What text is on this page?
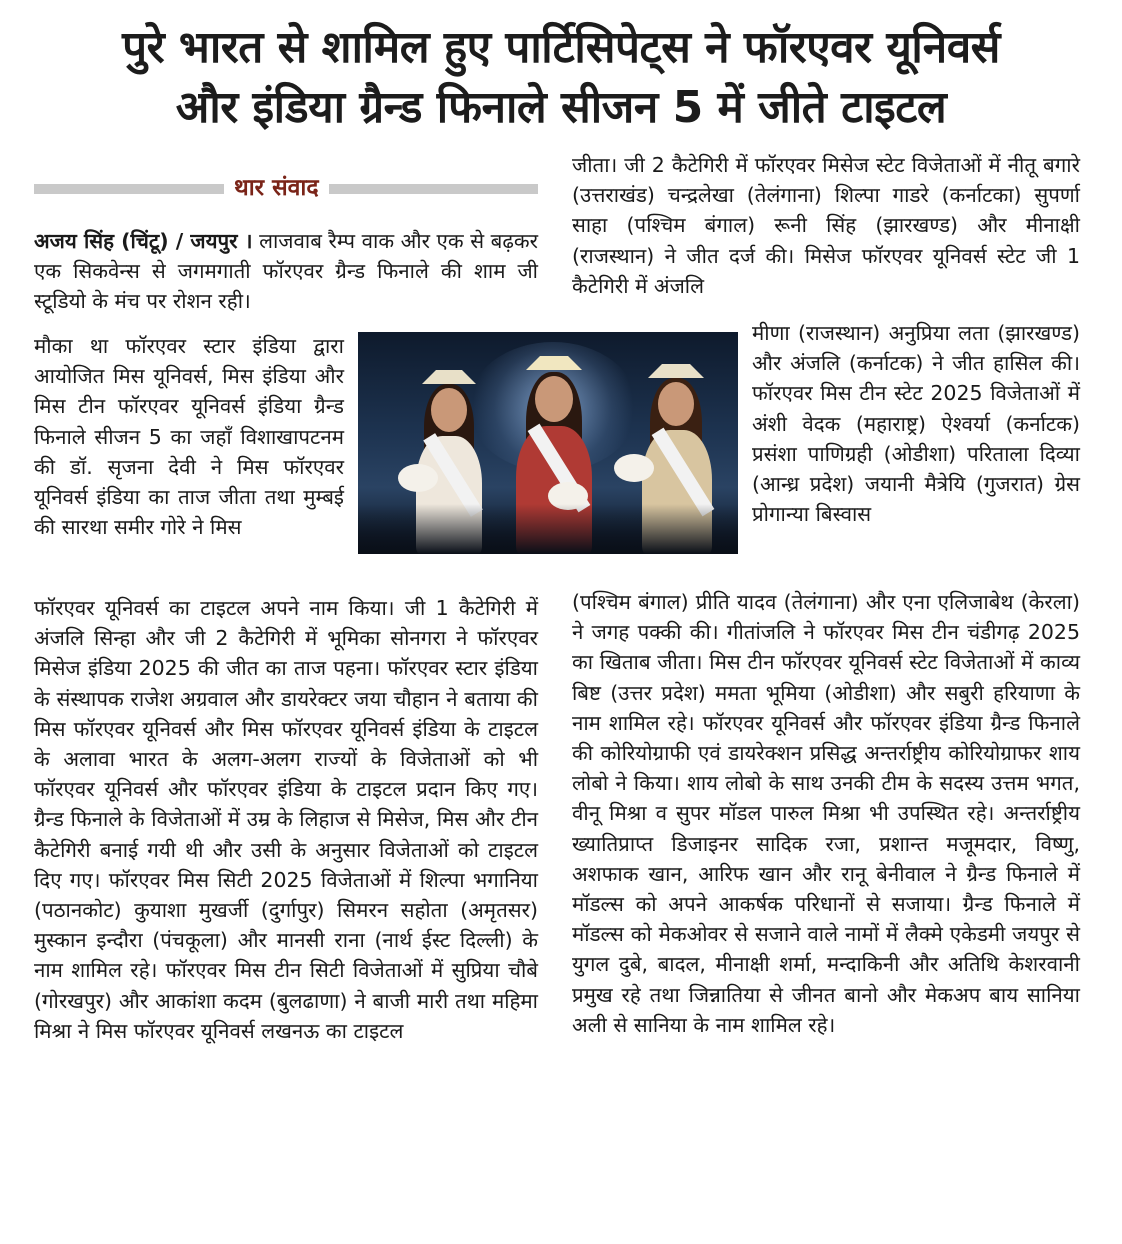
पुरे भारत से शामिल हुए पार्टिसिपेट्स ने फॉरएवर यूनिवर्स
और इंडिया ग्रैन्ड फिनाले सीजन 5 में जीते टाइटल
थार संवाद

अजय सिंह (चिंटू) / जयपुर । लाजवाब रैम्प वाक और एक से बढ़कर एक सिकवेन्स से जगमगाती फॉरएवर ग्रैन्ड फिनाले की शाम जी स्टूडियो के मंच पर रोशन रही।

मौका था फॉरएवर स्टार इंडिया द्वारा आयोजित मिस यूनिवर्स, मिस इंडिया और मिस टीन फॉरएवर यूनिवर्स इंडिया ग्रैन्ड फिनाले सीजन 5 का जहाँ विशाखापटनम की डॉ. सृजना देवी ने मिस फॉरएवर यूनिवर्स इंडिया का ताज जीता तथा मुम्बई की सारथा समीर गोरे ने मिस

फॉरएवर यूनिवर्स का टाइटल अपने नाम किया। जी 1 कैटेगिरी में अंजलि सिन्हा और जी 2 कैटेगिरी में भूमिका सोनगरा ने फॉरएवर मिसेज इंडिया 2025 की जीत का ताज पहना। फॉरएवर स्टार इंडिया के संस्थापक राजेश अग्रवाल और डायरेक्टर जया चौहान ने बताया की मिस फॉरएवर यूनिवर्स और मिस फॉरएवर यूनिवर्स इंडिया के टाइटल के अलावा भारत के अलग-अलग राज्यों के विजेताओं को भी फॉरएवर यूनिवर्स और फॉरएवर इंडिया के टाइटल प्रदान किए गए। ग्रैन्ड फिनाले के विजेताओं में उम्र के लिहाज से मिसेज, मिस और टीन कैटेगिरी बनाई गयी थी और उसी के अनुसार विजेताओं को टाइटल दिए गए। फॉरएवर मिस सिटी 2025 विजेताओं में शिल्पा भगानिया (पठानकोट) कुयाशा मुखर्जी (दुर्गापुर) सिमरन सहोता (अमृतसर) मुस्कान इन्दौरा (पंचकूला) और मानसी राना (नार्थ ईस्ट दिल्ली) के नाम शामिल रहे। फॉरएवर मिस टीन सिटी विजेताओं में सुप्रिया चौबे (गोरखपुर) और आकांशा कदम (बुलढाणा) ने बाजी मारी तथा महिमा मिश्रा ने मिस फॉरएवर यूनिवर्स लखनऊ का टाइटल

जीता। जी 2 कैटेगिरी में फॉरएवर मिसेज स्टेट विजेताओं में नीतू बगारे (उत्तराखंड) चन्द्रलेखा (तेलंगाना) शिल्पा गाडरे (कर्नाटका) सुपर्णा साहा (पश्चिम बंगाल) रूनी सिंह (झारखण्ड) और मीनाक्षी (राजस्थान) ने जीत दर्ज की। मिसेज फॉरएवर यूनिवर्स स्टेट जी 1 कैटेगिरी में अंजलि

मीणा (राजस्थान) अनुप्रिया लता (झारखण्ड) और अंजलि (कर्नाटक) ने जीत हासिल की। फॉरएवर मिस टीन स्टेट 2025 विजेताओं में अंशी वेदक (महाराष्ट्र) ऐश्वर्या (कर्नाटक) प्रसंशा पाणिग्रही (ओडीशा) परिताला दिव्या (आन्ध्र प्रदेश) जयानी मैत्रेयि (गुजरात) ग्रेस प्रोगान्या बिस्वास

(पश्चिम बंगाल) प्रीति यादव (तेलंगाना) और एना एलिजाबेथ (केरला) ने जगह पक्की की। गीतांजलि ने फॉरएवर मिस टीन चंडीगढ़ 2025 का खिताब जीता। मिस टीन फॉरएवर यूनिवर्स स्टेट विजेताओं में काव्य बिष्ट (उत्तर प्रदेश) ममता भूमिया (ओडीशा) और सबुरी हरियाणा के नाम शामिल रहे। फॉरएवर यूनिवर्स और फॉरएवर इंडिया ग्रैन्ड फिनाले की कोरियोग्राफी एवं डायरेक्शन प्रसिद्ध अन्तर्राष्ट्रीय कोरियोग्राफर शाय लोबो ने किया। शाय लोबो के साथ उनकी टीम के सदस्य उत्तम भगत, वीनू मिश्रा व सुपर मॉडल पारुल मिश्रा भी उपस्थित रहे। अन्तर्राष्ट्रीय ख्यातिप्राप्त डिजाइनर सादिक रजा, प्रशान्त मजूमदार, विष्णु, अशफाक खान, आरिफ खान और रानू बेनीवाल ने ग्रैन्ड फिनाले में मॉडल्स को अपने आकर्षक परिधानों से सजाया। ग्रैन्ड फिनाले में मॉडल्स को मेकओवर से सजाने वाले नामों में लैक्मे एकेडमी जयपुर से युगल दुबे, बादल, मीनाक्षी शर्मा, मन्दाकिनी और अतिथि केशरवानी प्रमुख रहे तथा जिन्नातिया से जीनत बानो और मेकअप बाय सानिया अली से सानिया के नाम शामिल रहे।
